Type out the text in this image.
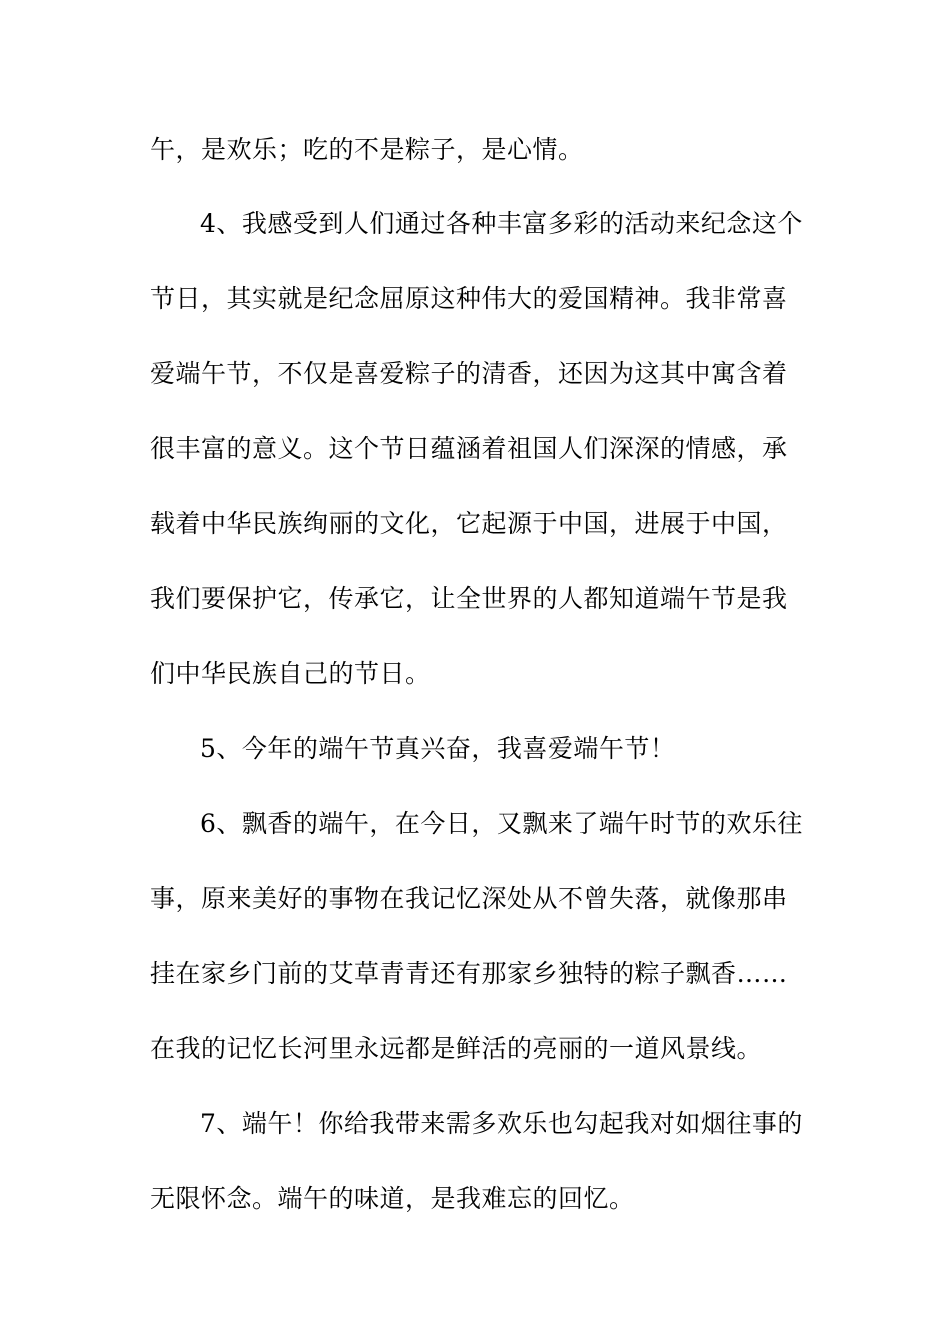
午，是欢乐；吃的不是粽子，是心情。
4、我感受到人们通过各种丰富多彩的活动来纪念这个
节日，其实就是纪念屈原这种伟大的爱国精神。我非常喜
爱端午节，不仅是喜爱粽子的清香，还因为这其中寓含着
很丰富的意义。这个节日蕴涵着祖国人们深深的情感，承
载着中华民族绚丽的文化，它起源于中国，进展于中国，
我们要保护它，传承它，让全世界的人都知道端午节是我
们中华民族自己的节日。
5、今年的端午节真兴奋，我喜爱端午节！
6、飘香的端午，在今日，又飘来了端午时节的欢乐往
事，原来美好的事物在我记忆深处从不曾失落，就像那串
挂在家乡门前的艾草青青还有那家乡独特的粽子飘香……
在我的记忆长河里永远都是鲜活的亮丽的一道风景线。
7、端午！你给我带来需多欢乐也勾起我对如烟往事的
无限怀念。端午的味道，是我难忘的回忆。
